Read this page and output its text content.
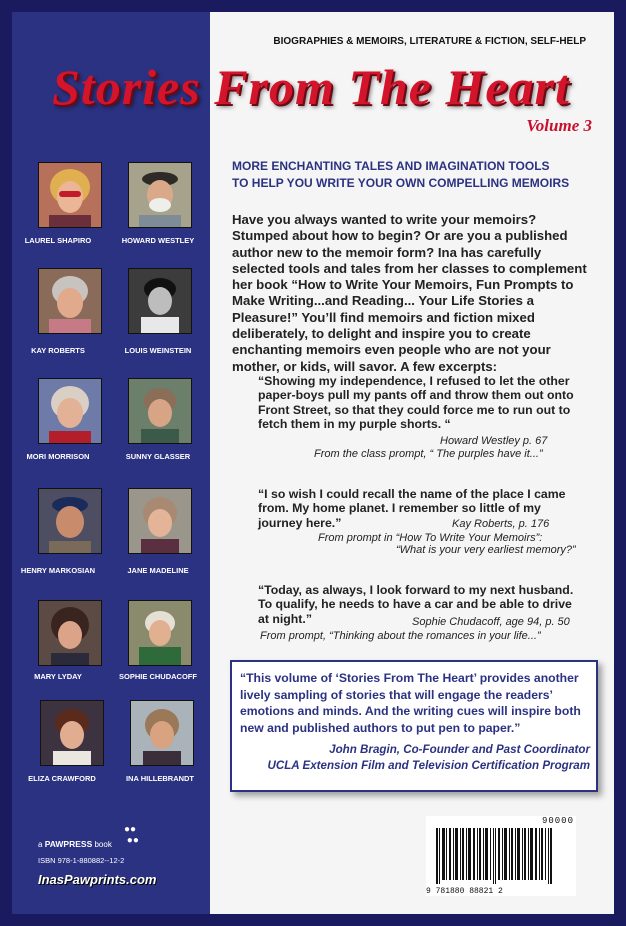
BIOGRAPHIES & MEMOIRS, LITERATURE & FICTION, SELF-HELP
Stories From The Heart
Volume 3
LAUREL SHAPIRO	HOWARD WESTLEY
KAY ROBERTS	LOUIS WEINSTEIN
MORI MORRISON	SUNNY GLASSER
HENRY MARKOSIAN	JANE MADELINE
MARY LYDAY	SOPHIE CHUDACOFF
ELIZA CRAWFORD	INA HILLEBRANDT
●●
●●
a PAWPRESS book
ISBN 978-1-880882--12-2
InasPawprints.com
MORE ENCHANTING TALES AND IMAGINATION TOOLS
TO HELP YOU WRITE YOUR OWN COMPELLING MEMOIRS
Have you always wanted to write your memoirs? Stumped about how to begin? Or are you a published author new to the memoir form? Ina has carefully selected tools and tales from her classes to complement her book “How to Write Your Memoirs, Fun Prompts to Make Writing...and Reading... Your Life Stories a Pleasure!” You’ll find memoirs and fiction mixed deliberately, to delight and inspire you to create enchanting memoirs even people who are not your mother, or kids, will savor. A few excerpts:
“Showing my independence, I refused to let the other paper-boys pull my pants off and throw them out onto Front Street, so that they could force me to run out to fetch them in my purple shorts. “
Howard Westley p. 67
From the class prompt, “ The purples have it...”
“I so wish I could recall the name of the place I came from. My home planet. I remember so little of my journey here.”	Kay Roberts, p. 176
From prompt in “How To Write Your Memoirs”:
“What is your very earliest memory?”
“Today, as always, I look forward to my next husband. To qualify, he needs to have a car and be able to drive at night.”	Sophie Chudacoff, age 94, p. 50
From prompt, “Thinking about the romances in your life...”
“This volume of ‘Stories From The Heart’ provides another lively sampling of stories that will engage the readers’ emotions and minds. And the writing cues will inspire both new and published authors to put pen to paper.”
John Bragin, Co-Founder and Past Coordinator
UCLA Extension Film and Television Certification Program
90000
9 781880 88821 2
